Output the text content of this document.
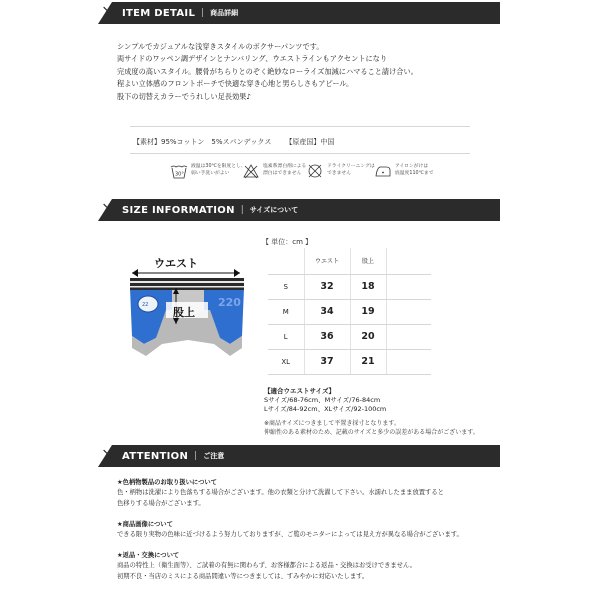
↘ ITEM DETAIL | 商品詳細
シンプルでカジュアルな浅穿きスタイルのボクサーパンツです。
両サイドのワッペン調デザインとナンバリング、ウエストラインもアクセントになり
完成度の高いスタイル。腰骨がちらりとのぞく絶妙なローライズ加減にハマること請け合い。
程よい立体感のフロントポーチで快適な穿き心地と男らしさもアピール。
股下の切替えカラーでうれしい足長効果♪
【素材】95%コットン　5%スパンデックス 【原産国】中国
30°
液温は30℃を限度とし、
弱い手洗いがよい
塩素系漂白剤による
漂白はできません
ドライクリーニングは
できません
アイロンがけは
底温度110℃まで
↘ SIZE INFORMATION | サイズについて
22	220
ウエスト
股上
【 単位：cm 】
	ウエスト	股上	
S	32	18	
M	34	19	
L	36	20	
XL	37	21	
【適合ウエストサイズ】
Sサイズ/68-76cm、Mサイズ/76-84cm
Lサイズ/84-92cm、XLサイズ/92-100cm
※商品サイズにつきまして平置き採寸となります。
伸縮性のある素材のため、記載のサイズと多少の誤差がある場合がございます。
↘ ATTENTION | ご注意
★色柄物製品のお取り扱いについて
色・柄物は洗濯により色落ちする場合がございます。他の衣類と分けて洗濯して下さい。水濡れしたまま放置すると
色移りする場合がございます。
★商品画像について
できる限り実物の色味に近づけるよう努力しておりますが、ご覧のモニターによっては見え方が異なる場合がございます。
★返品・交換について
商品の特性上（衛生面等）、ご試着の有無に関わらず、お客様都合による返品・交換はお受けできません。
初期不良・当店のミスによる商品間違い等につきましては、すみやかに対応いたします。
